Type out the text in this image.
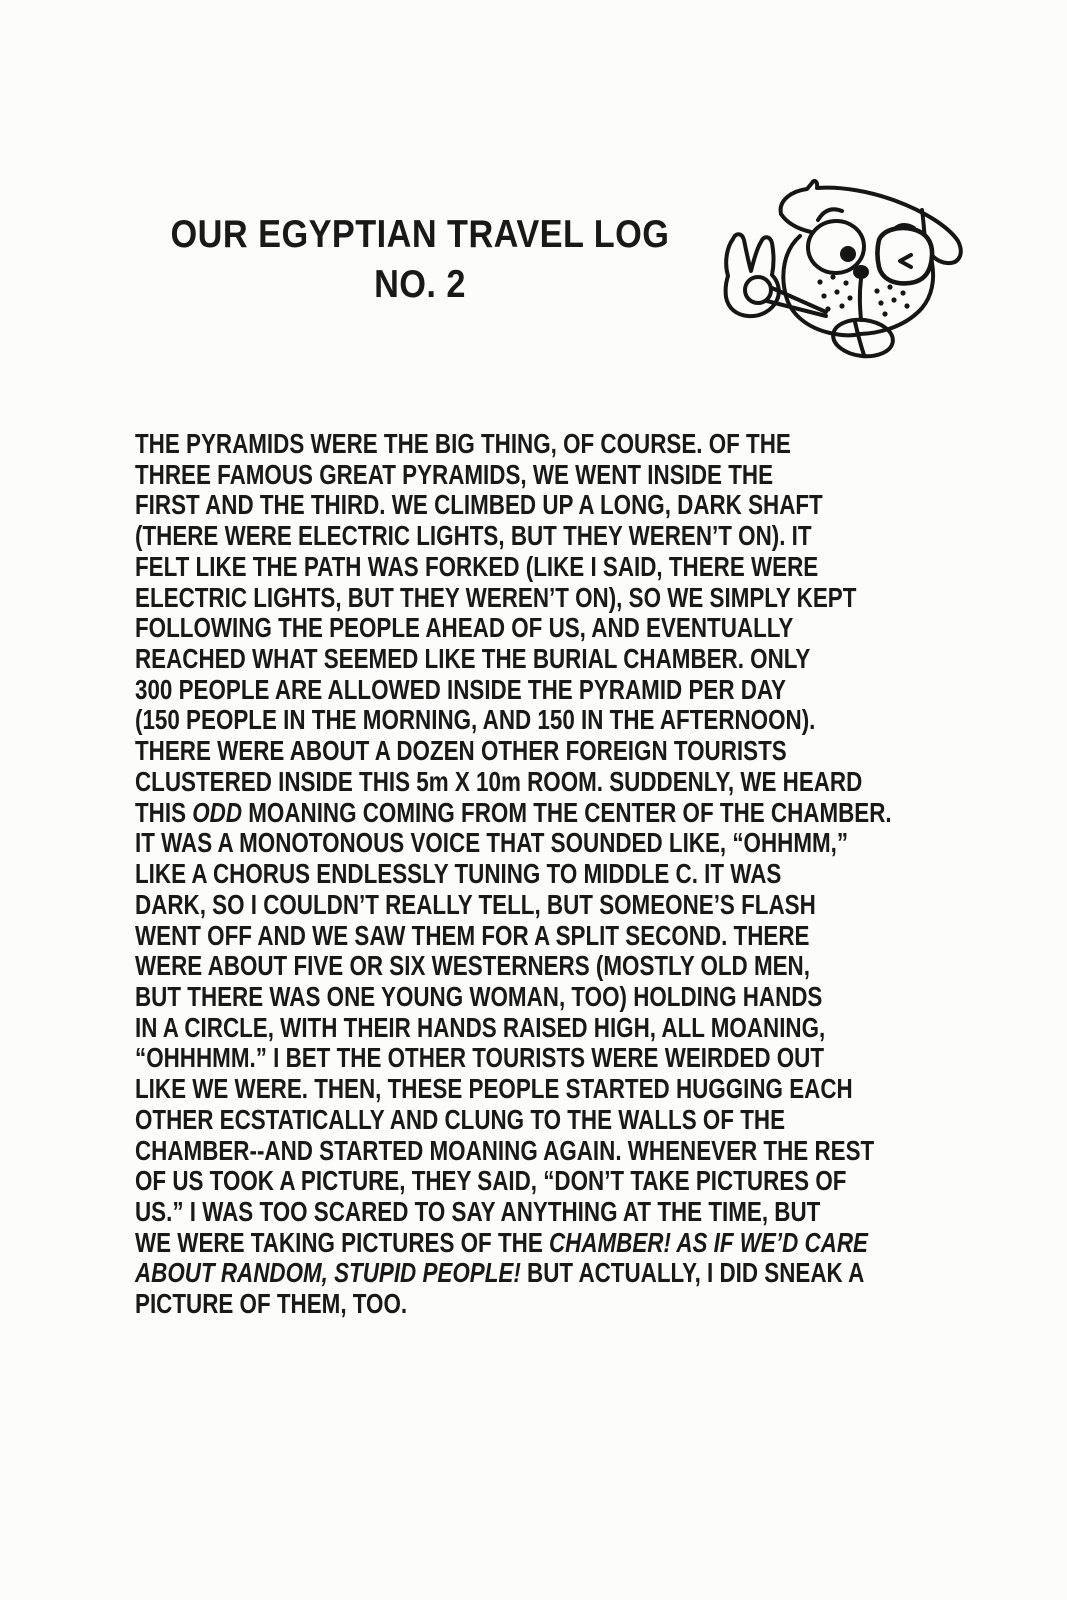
OUR EGYPTIAN TRAVEL LOG
NO. 2
THE PYRAMIDS WERE THE BIG THING, OF COURSE. OF THE
THREE FAMOUS GREAT PYRAMIDS, WE WENT INSIDE THE
FIRST AND THE THIRD. WE CLIMBED UP A LONG, DARK SHAFT
(THERE WERE ELECTRIC LIGHTS, BUT THEY WEREN’T ON). IT
FELT LIKE THE PATH WAS FORKED (LIKE I SAID, THERE WERE
ELECTRIC LIGHTS, BUT THEY WEREN’T ON), SO WE SIMPLY KEPT
FOLLOWING THE PEOPLE AHEAD OF US, AND EVENTUALLY
REACHED WHAT SEEMED LIKE THE BURIAL CHAMBER. ONLY
300 PEOPLE ARE ALLOWED INSIDE THE PYRAMID PER DAY
(150 PEOPLE IN THE MORNING, AND 150 IN THE AFTERNOON).
THERE WERE ABOUT A DOZEN OTHER FOREIGN TOURISTS
CLUSTERED INSIDE THIS 5m X 10m ROOM. SUDDENLY, WE HEARD
THIS ODD MOANING COMING FROM THE CENTER OF THE CHAMBER.
IT WAS A MONOTONOUS VOICE THAT SOUNDED LIKE, “OHHMM,”
LIKE A CHORUS ENDLESSLY TUNING TO MIDDLE C. IT WAS
DARK, SO I COULDN’T REALLY TELL, BUT SOMEONE’S FLASH
WENT OFF AND WE SAW THEM FOR A SPLIT SECOND. THERE
WERE ABOUT FIVE OR SIX WESTERNERS (MOSTLY OLD MEN,
BUT THERE WAS ONE YOUNG WOMAN, TOO) HOLDING HANDS
IN A CIRCLE, WITH THEIR HANDS RAISED HIGH, ALL MOANING,
“OHHHMM.” I BET THE OTHER TOURISTS WERE WEIRDED OUT
LIKE WE WERE. THEN, THESE PEOPLE STARTED HUGGING EACH
OTHER ECSTATICALLY AND CLUNG TO THE WALLS OF THE
CHAMBER--AND STARTED MOANING AGAIN. WHENEVER THE REST
OF US TOOK A PICTURE, THEY SAID, “DON’T TAKE PICTURES OF
US.” I WAS TOO SCARED TO SAY ANYTHING AT THE TIME, BUT
WE WERE TAKING PICTURES OF THE CHAMBER! AS IF WE’D CARE
ABOUT RANDOM, STUPID PEOPLE! BUT ACTUALLY, I DID SNEAK A
PICTURE OF THEM, TOO.
